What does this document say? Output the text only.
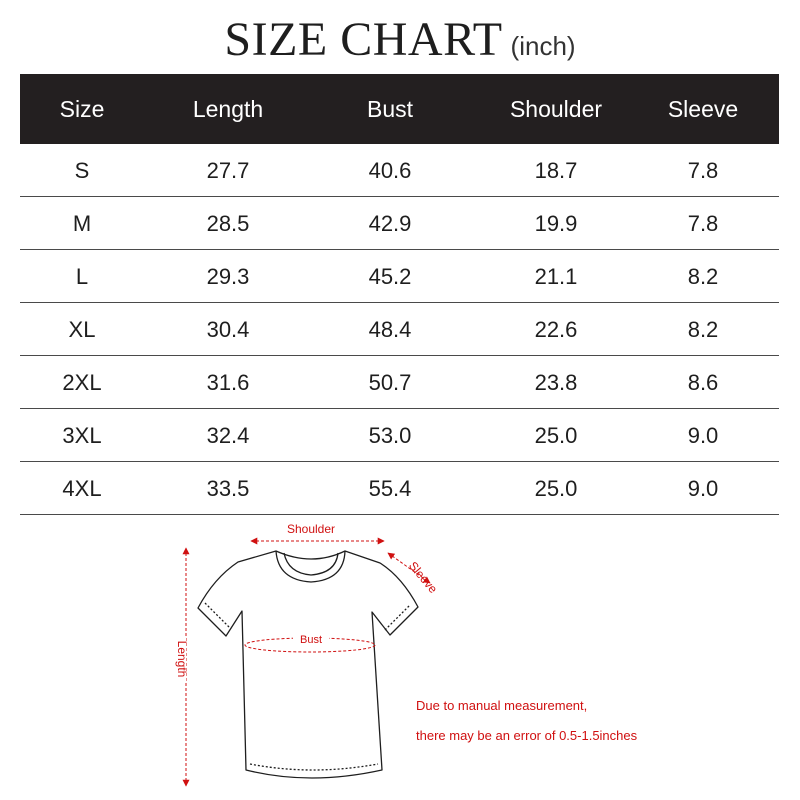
SIZE CHART (inch)
Size	Length	Bust	Shoulder	Sleeve
S	27.7	40.6	18.7	7.8
M	28.5	42.9	19.9	7.8
L	29.3	45.2	21.1	8.2
XL	30.4	48.4	22.6	8.2
2XL	31.6	50.7	23.8	8.6
3XL	32.4	53.0	25.0	9.0
4XL	33.5	55.4	25.0	9.0
Shoulder
Sleeve
Bust
Length
Due to manual measurement,
there may be an error of 0.5-1.5inches
